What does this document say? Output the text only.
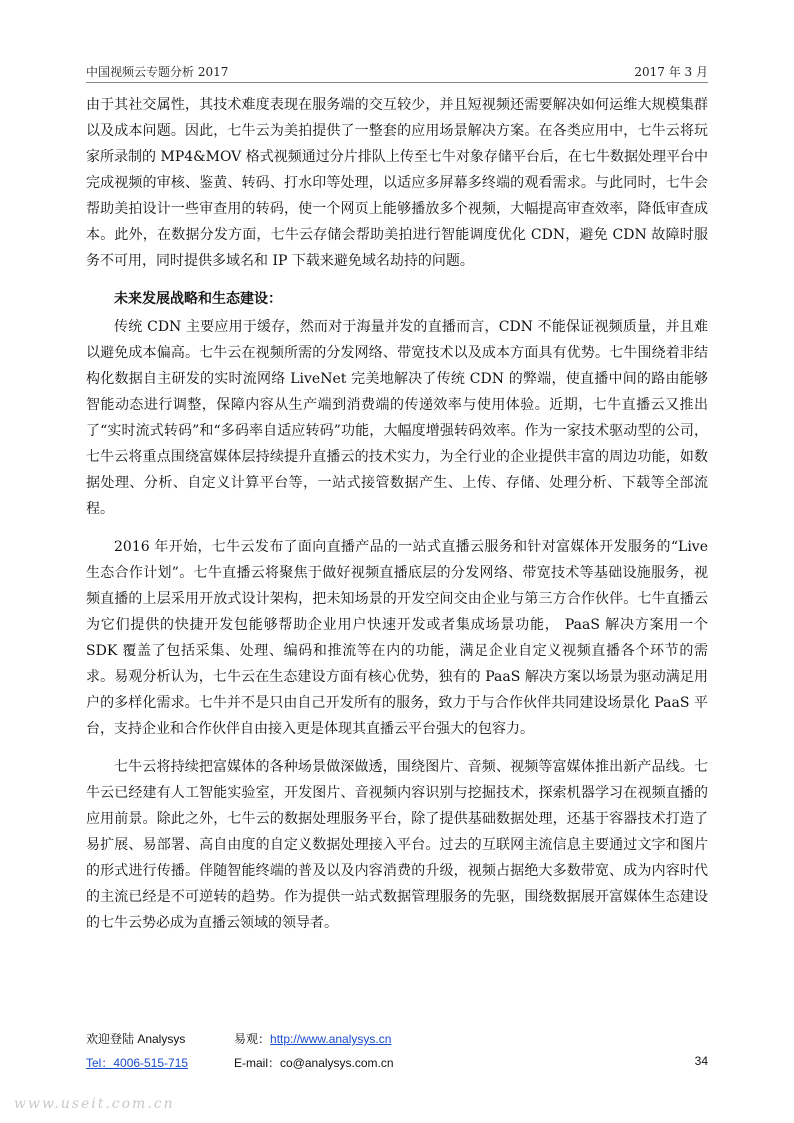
中国视频云专题分析 2017	2017 年 3 月

由于其社交属性，其技术难度表现在服务端的交互较少，并且短视频还需要解决如何运维大规模集群以及成本问题。因此，七牛云为美拍提供了一整套的应用场景解决方案。在各类应用中，七牛云将玩家所录制的 MP4&MOV 格式视频通过分片排队上传至七牛对象存储平台后，在七牛数据处理平台中完成视频的审核、鉴黄、转码、打水印等处理，以适应多屏幕多终端的观看需求。与此同时，七牛会帮助美拍设计一些审查用的转码，使一个网页上能够播放多个视频，大幅提高审查效率，降低审查成本。此外，在数据分发方面，七牛云存储会帮助美拍进行智能调度优化 CDN，避免 CDN 故障时服务不可用，同时提供多域名和 IP 下载来避免域名劫持的问题。

未来发展战略和生态建设：

传统 CDN 主要应用于缓存，然而对于海量并发的直播而言，CDN 不能保证视频质量，并且难以避免成本偏高。七牛云在视频所需的分发网络、带宽技术以及成本方面具有优势。七牛围绕着非结构化数据自主研发的实时流网络 LiveNet 完美地解决了传统 CDN 的弊端，使直播中间的路由能够智能动态进行调整，保障内容从生产端到消费端的传递效率与使用体验。近期，七牛直播云又推出了“实时流式转码”和“多码率自适应转码”功能，大幅度增强转码效率。作为一家技术驱动型的公司，七牛云将重点围绕富媒体层持续提升直播云的技术实力，为全行业的企业提供丰富的周边功能，如数据处理、分析、自定义计算平台等，一站式接管数据产生、上传、存储、处理分析、下载等全部流程。

2016 年开始，七牛云发布了面向直播产品的一站式直播云服务和针对富媒体开发服务的“Live 生态合作计划”。七牛直播云将聚焦于做好视频直播底层的分发网络、带宽技术等基础设施服务，视频直播的上层采用开放式设计架构，把未知场景的开发空间交由企业与第三方合作伙伴。七牛直播云为它们提供的快捷开发包能够帮助企业用户快速开发或者集成场景功能， PaaS 解决方案用一个 SDK 覆盖了包括采集、处理、编码和推流等在内的功能，满足企业自定义视频直播各个环节的需求。易观分析认为，七牛云在生态建设方面有核心优势，独有的 PaaS 解决方案以场景为驱动满足用户的多样化需求。七牛并不是只由自己开发所有的服务，致力于与合作伙伴共同建设场景化 PaaS 平台，支持企业和合作伙伴自由接入更是体现其直播云平台强大的包容力。

七牛云将持续把富媒体的各种场景做深做透，围绕图片、音频、视频等富媒体推出新产品线。七牛云已经建有人工智能实验室，开发图片、音视频内容识别与挖掘技术，探索机器学习在视频直播的应用前景。除此之外，七牛云的数据处理服务平台，除了提供基础数据处理，还基于容器技术打造了易扩展、易部署、高自由度的自定义数据处理接入平台。过去的互联网主流信息主要通过文字和图片的形式进行传播。伴随智能终端的普及以及内容消费的升级，视频占据绝大多数带宽、成为内容时代的主流已经是不可逆转的趋势。作为提供一站式数据管理服务的先驱，围绕数据展开富媒体生态建设的七牛云势必成为直播云领域的领导者。

欢迎登陆 Analysys
Tel：4006-515-715
易观：http://www.analysys.cn
E-mail：co@analysys.com.cn	34
www.useit.com.cn
